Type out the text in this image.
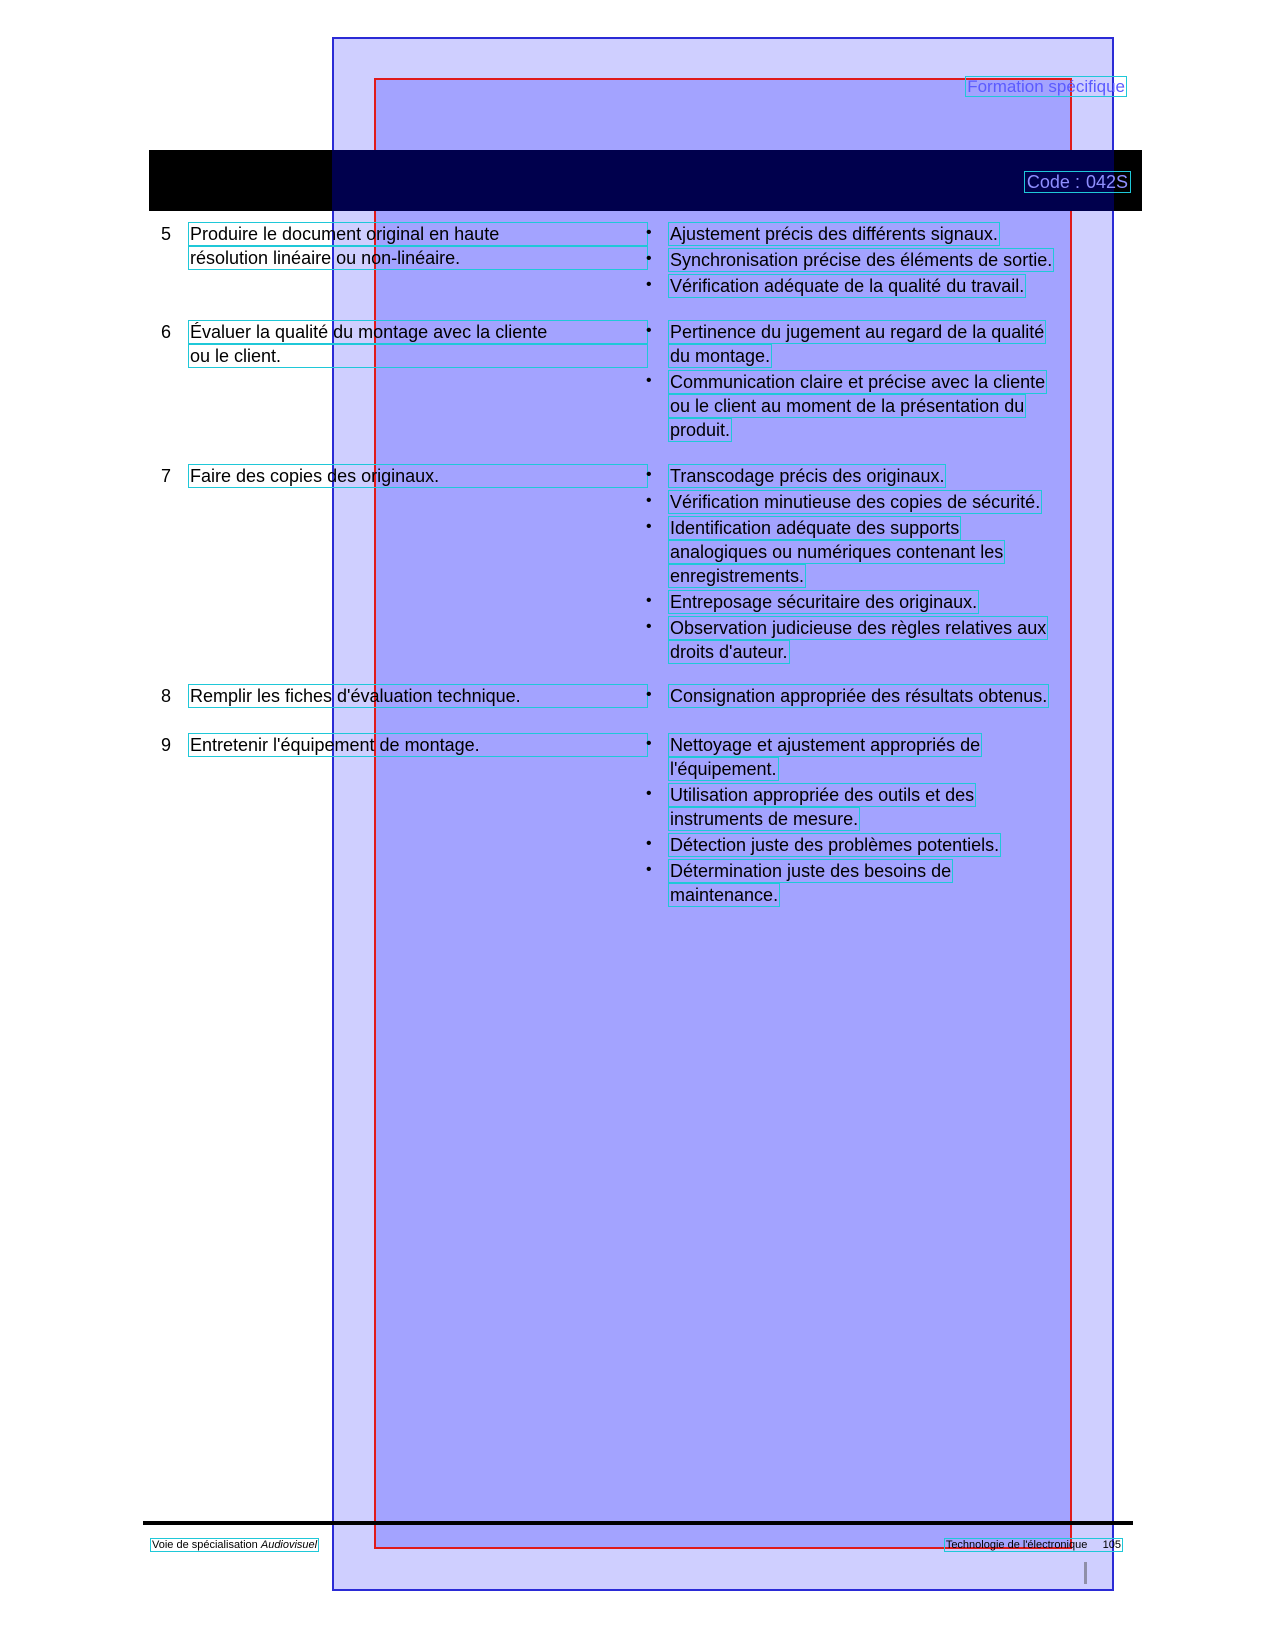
Formation spécifique
Code : 042S
5 Produire le document original en haute
résolution linéaire ou non-linéaire.
• Ajustement précis des différents signaux.
• Synchronisation précise des éléments de sortie.
• Vérification adéquate de la qualité du travail.
6 Évaluer la qualité du montage avec la cliente
ou le client.
• Pertinence du jugement au regard de la qualité
du montage.
• Communication claire et précise avec la cliente
ou le client au moment de la présentation du
produit.
7 Faire des copies des originaux.	• Transcodage précis des originaux.
• Vérification minutieuse des copies de sécurité.
• Identification adéquate des supports
analogiques ou numériques contenant les
enregistrements.
• Entreposage sécuritaire des originaux.
• Observation judicieuse des règles relatives aux
droits d'auteur.
8 Remplir les fiches d'évaluation technique.	• Consignation appropriée des résultats obtenus.
9 Entretenir l'équipement de montage.	• Nettoyage et ajustement appropriés de
l'équipement.
• Utilisation appropriée des outils et des
instruments de mesure.
• Détection juste des problèmes potentiels.
• Détermination juste des besoins de
maintenance.
Voie de spécialisation Audiovisuel	Technologie de l'électronique 105
